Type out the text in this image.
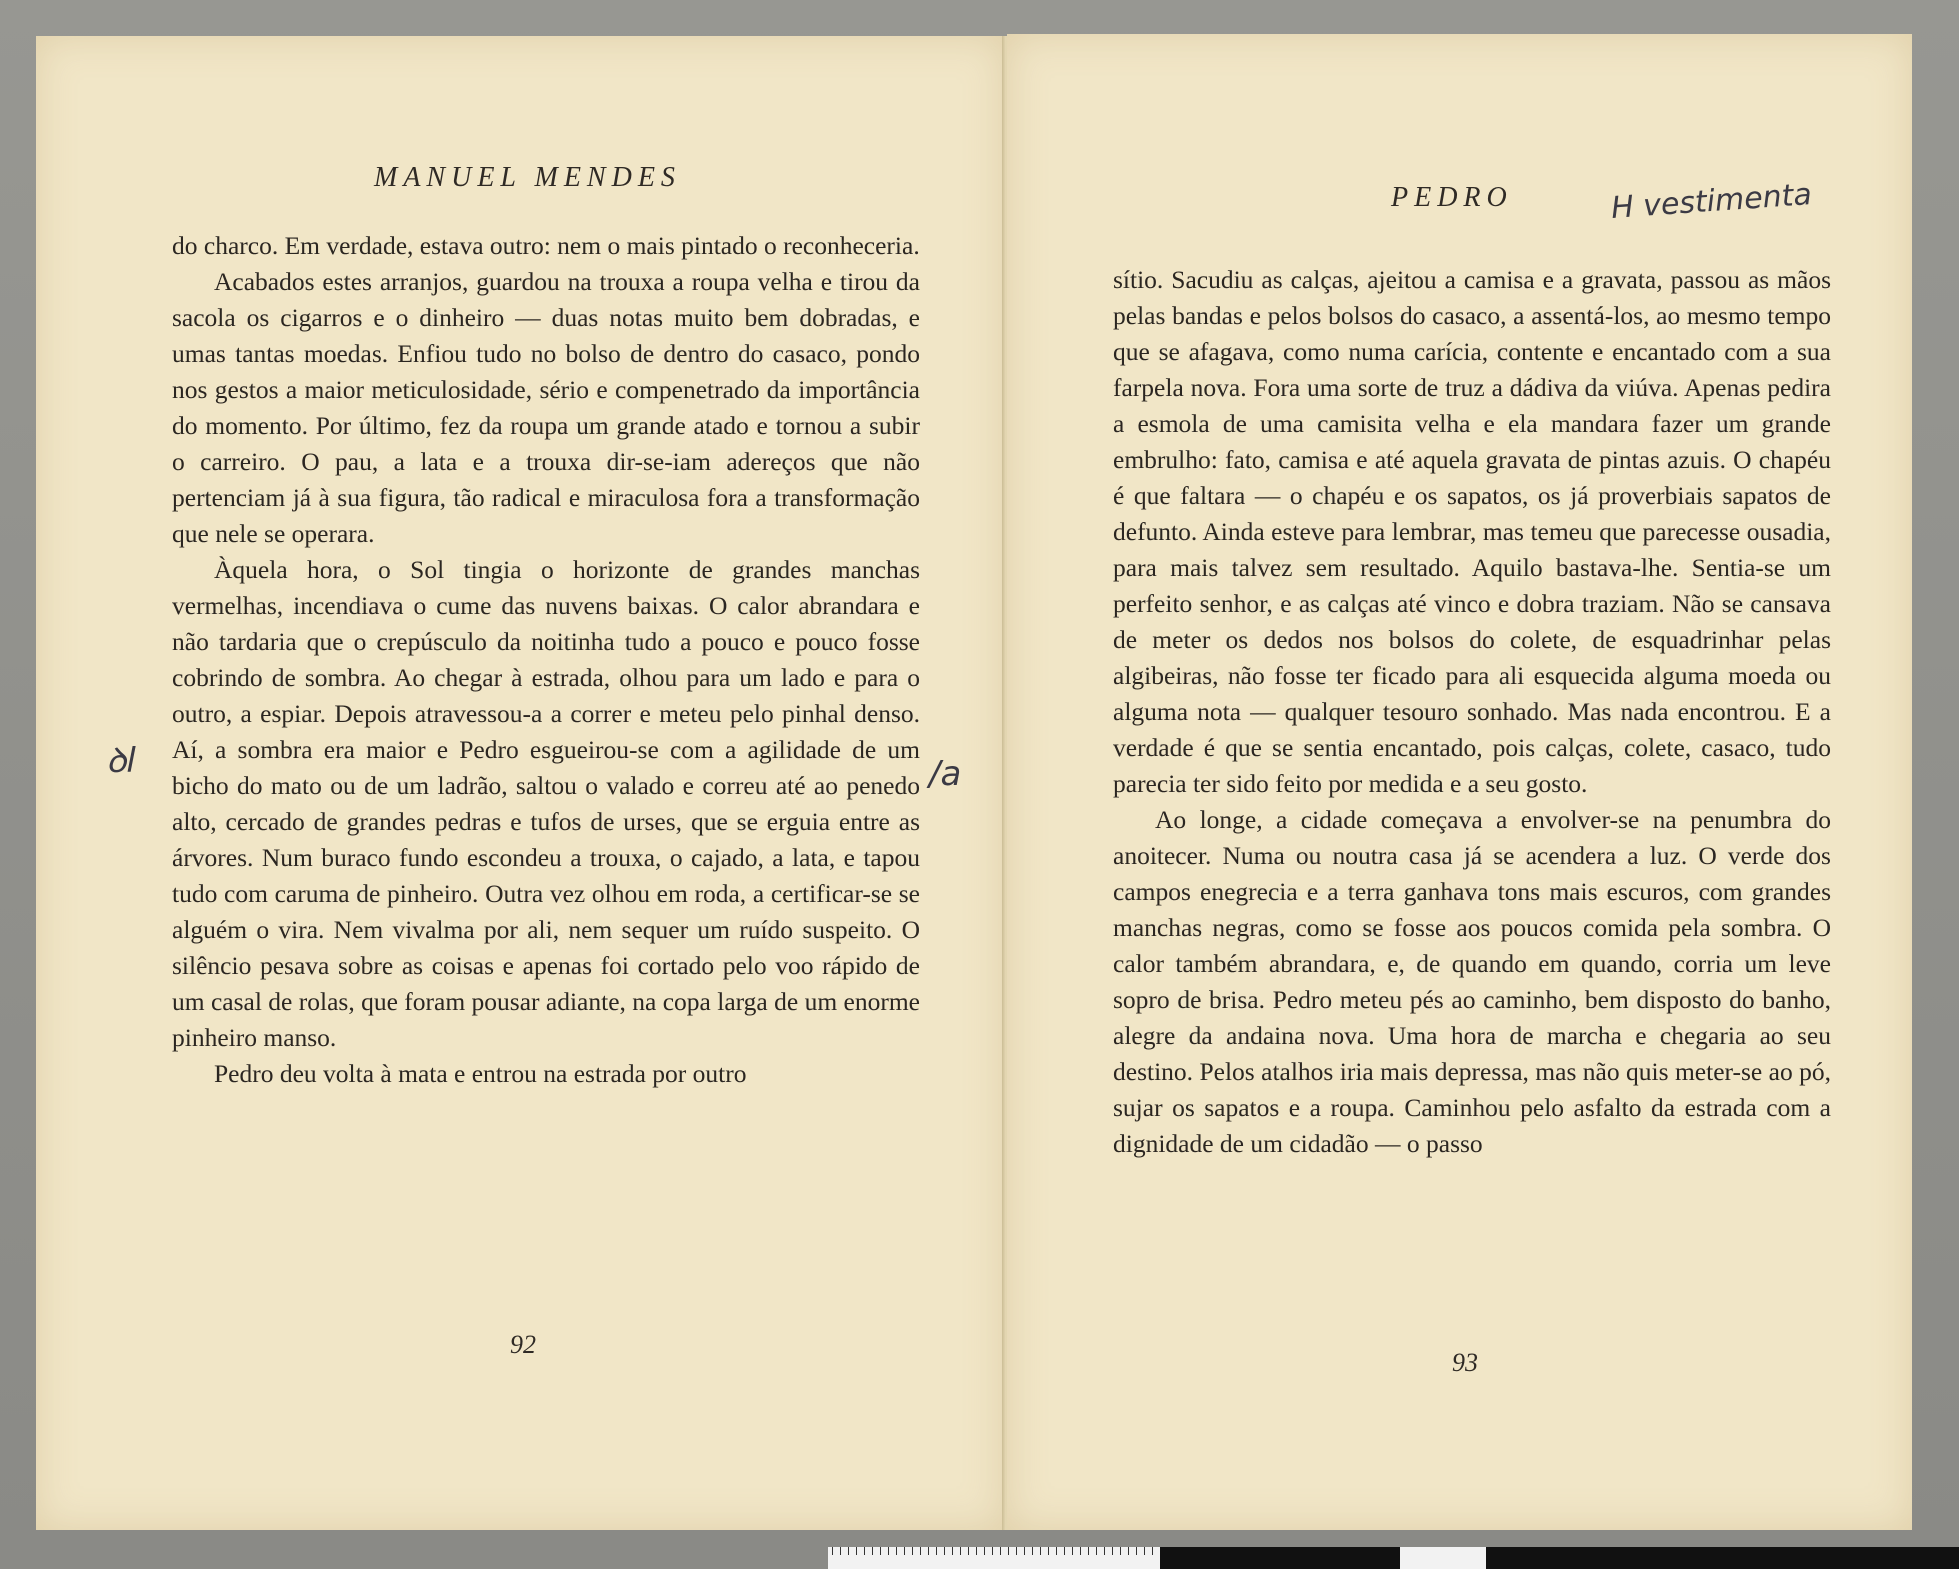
MANUEL MENDES

do charco. Em verdade, estava outro: nem o mais pintado o reconheceria.

Acabados estes arranjos, guardou na trouxa a roupa velha e tirou da sacola os cigarros e o dinheiro — duas notas muito bem dobradas, e umas tantas moedas. Enfiou tudo no bolso de dentro do casaco, pondo nos gestos a maior meticulosidade, sério e compenetrado da importância do momento. Por último, fez da roupa um grande atado e tornou a subir o carreiro. O pau, a lata e a trouxa dir-se-iam adereços que não pertenciam já à sua figura, tão radical e miraculosa fora a transformação que nele se operara.

Àquela hora, o Sol tingia o horizonte de grandes manchas vermelhas, incendiava o cume das nuvens baixas. O calor abrandara e não tardaria que o crepúsculo da noitinha tudo a pouco e pouco fosse cobrindo de sombra. Ao chegar à estrada, olhou para um lado e para o outro, a espiar. Depois atravessou-a a correr e meteu pelo pinhal denso. Aí, a sombra era maior e Pedro esgueirou-se com a agilidade de um bicho do mato ou de um ladrão, saltou o valado e correu até ao penedo alto, cercado de grandes pedras e tufos de urses, que se erguia entre as árvores. Num buraco fundo escondeu a trouxa, o cajado, a lata, e tapou tudo com caruma de pinheiro. Outra vez olhou em roda, a certificar-se se alguém o vira. Nem vivalma por ali, nem sequer um ruído suspeito. O silêncio pesava sobre as coisas e apenas foi cortado pelo voo rápido de um casal de rolas, que foram pousar adiante, na copa larga de um enorme pinheiro manso.

Pedro deu volta à mata e entrou na estrada por outro

ꝺl	/a
92
PEDRO	H vestimenta

sítio. Sacudiu as calças, ajeitou a camisa e a gravata, passou as mãos pelas bandas e pelos bolsos do casaco, a assentá-los, ao mesmo tempo que se afagava, como numa carícia, contente e encantado com a sua farpela nova. Fora uma sorte de truz a dádiva da viúva. Apenas pedira a esmola de uma camisita velha e ela mandara fazer um grande embrulho: fato, camisa e até aquela gravata de pintas azuis. O chapéu é que faltara — o chapéu e os sapatos, os já proverbiais sapatos de defunto. Ainda esteve para lembrar, mas temeu que parecesse ousadia, para mais talvez sem resultado. Aquilo bastava-lhe. Sentia-se um perfeito senhor, e as calças até vinco e dobra traziam. Não se cansava de meter os dedos nos bolsos do colete, de esquadrinhar pelas algibeiras, não fosse ter ficado para ali esquecida alguma moeda ou alguma nota — qualquer tesouro sonhado. Mas nada encontrou. E a verdade é que se sentia encantado, pois calças, colete, casaco, tudo parecia ter sido feito por medida e a seu gosto.

Ao longe, a cidade começava a envolver-se na penumbra do anoitecer. Numa ou noutra casa já se acendera a luz. O verde dos campos enegrecia e a terra ganhava tons mais escuros, com grandes manchas negras, como se fosse aos poucos comida pela sombra. O calor também abrandara, e, de quando em quando, corria um leve sopro de brisa. Pedro meteu pés ao caminho, bem disposto do banho, alegre da andaina nova. Uma hora de marcha e chegaria ao seu destino. Pelos atalhos iria mais depressa, mas não quis meter-se ao pó, sujar os sapatos e a roupa. Caminhou pelo asfalto da estrada com a dignidade de um cidadão — o passo

93
